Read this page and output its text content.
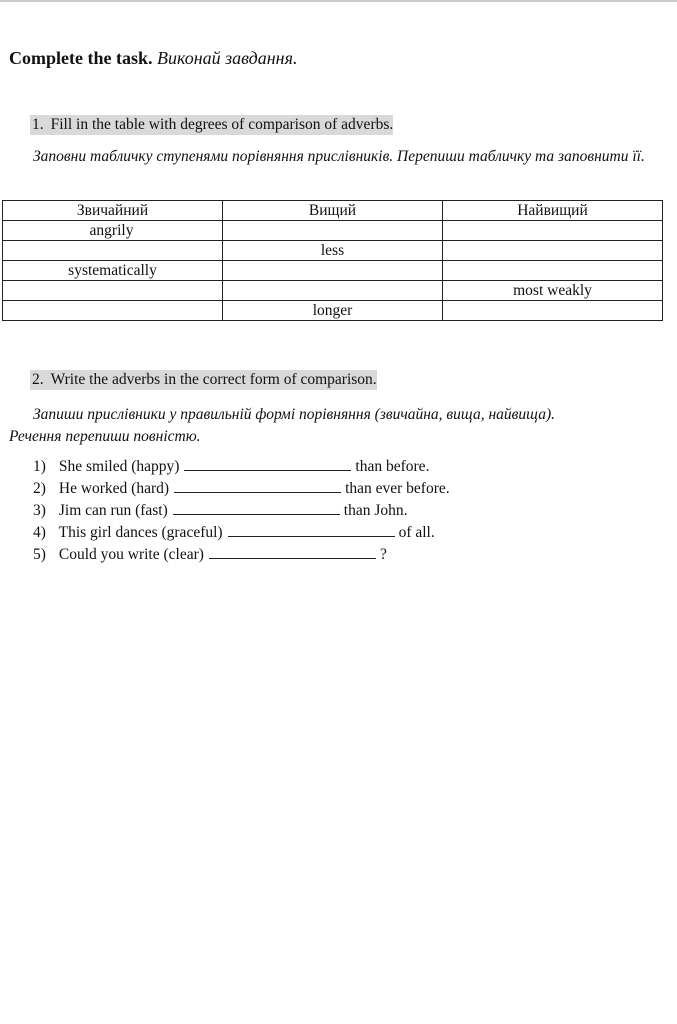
Complete the task. Виконай завдання.
1. Fill in the table with degrees of comparison of adverbs.
Заповни табличку ступенями порівняння прислівників. Перепиши табличку та заповнити її.
Звичайний	Вищий	Найвищий
angrily		
	less	
systematically		
		most weakly
	longer	
2. Write the adverbs in the correct form of comparison.
Запиши прислівники у правильній формі порівняння (звичайна, вища, найвища).
Речення перепиши повністю.
1) She smiled (happy)	than before.
2) He worked (hard)	than ever before.
3) Jim can run (fast)	than John.
4) This girl dances (graceful)	of all.
5) Could you write (clear)	?
